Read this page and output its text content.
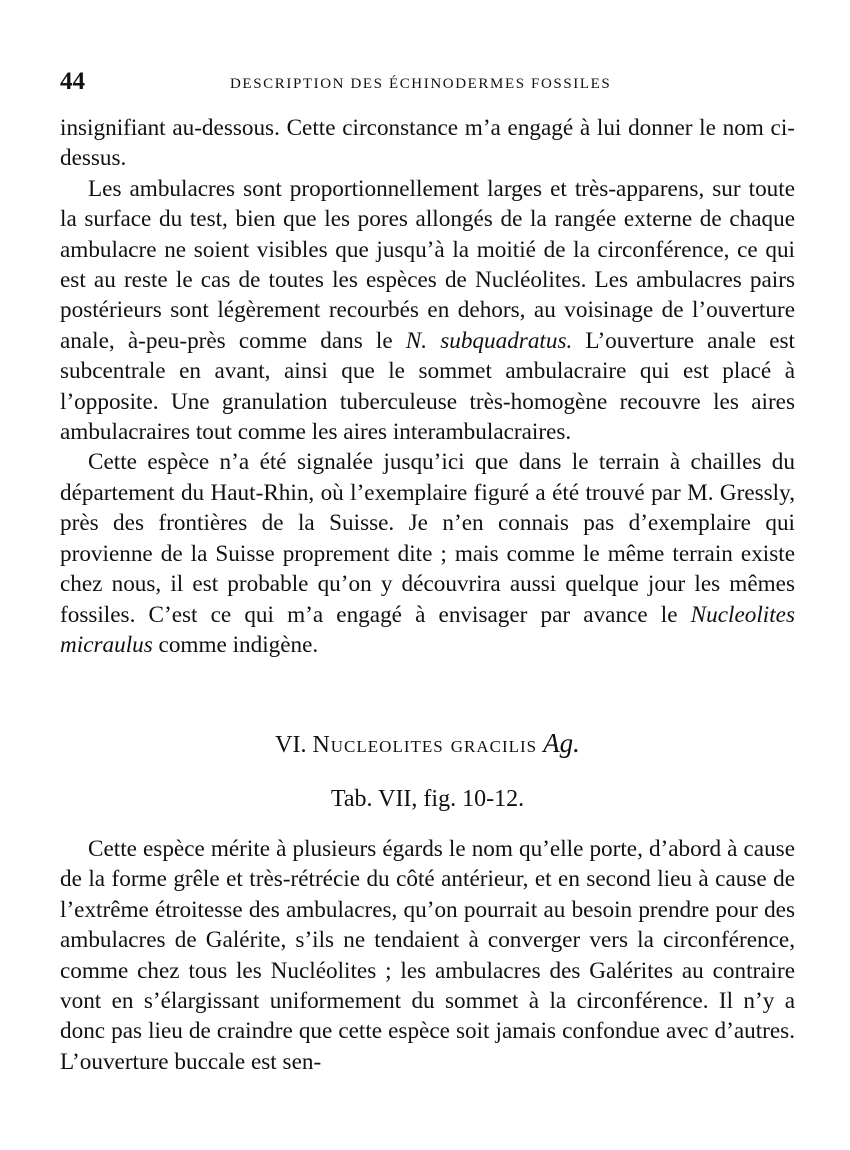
44	DESCRIPTION DES ÉCHINODERMES FOSSILES

insignifiant au-dessous. Cette circonstance m’a engagé à lui donner le nom ci-dessus.

Les ambulacres sont proportionnellement larges et très-apparens, sur toute la surface du test, bien que les pores allongés de la rangée externe de chaque ambulacre ne soient visibles que jusqu’à la moitié de la circonférence, ce qui est au reste le cas de toutes les espèces de Nucléolites. Les ambulacres pairs postérieurs sont légèrement recourbés en dehors, au voisinage de l’ouverture anale, à-peu-près comme dans le N. subquadratus. L’ouverture anale est subcentrale en avant, ainsi que le sommet ambulacraire qui est placé à l’opposite. Une granulation tuberculeuse très-homogène recouvre les aires ambulacraires tout comme les aires interambulacraires.

Cette espèce n’a été signalée jusqu’ici que dans le terrain à chailles du département du Haut-Rhin, où l’exemplaire figuré a été trouvé par M. Gressly, près des frontières de la Suisse. Je n’en connais pas d’exemplaire qui provienne de la Suisse proprement dite ; mais comme le même terrain existe chez nous, il est probable qu’on y découvrira aussi quelque jour les mêmes fossiles. C’est ce qui m’a engagé à envisager par avance le Nucleolites micraulus comme indigène.

VI. Nucleolites gracilis Ag.
Tab. VII, fig. 10-12.

Cette espèce mérite à plusieurs égards le nom qu’elle porte, d’abord à cause de la forme grêle et très-rétrécie du côté antérieur, et en second lieu à cause de l’extrême étroitesse des ambulacres, qu’on pourrait au besoin prendre pour des ambulacres de Galérite, s’ils ne tendaient à converger vers la circonférence, comme chez tous les Nucléolites ; les ambulacres des Galérites au contraire vont en s’élargissant uniformement du sommet à la circonférence. Il n’y a donc pas lieu de craindre que cette espèce soit jamais confondue avec d’autres. L’ouverture buccale est sen-
